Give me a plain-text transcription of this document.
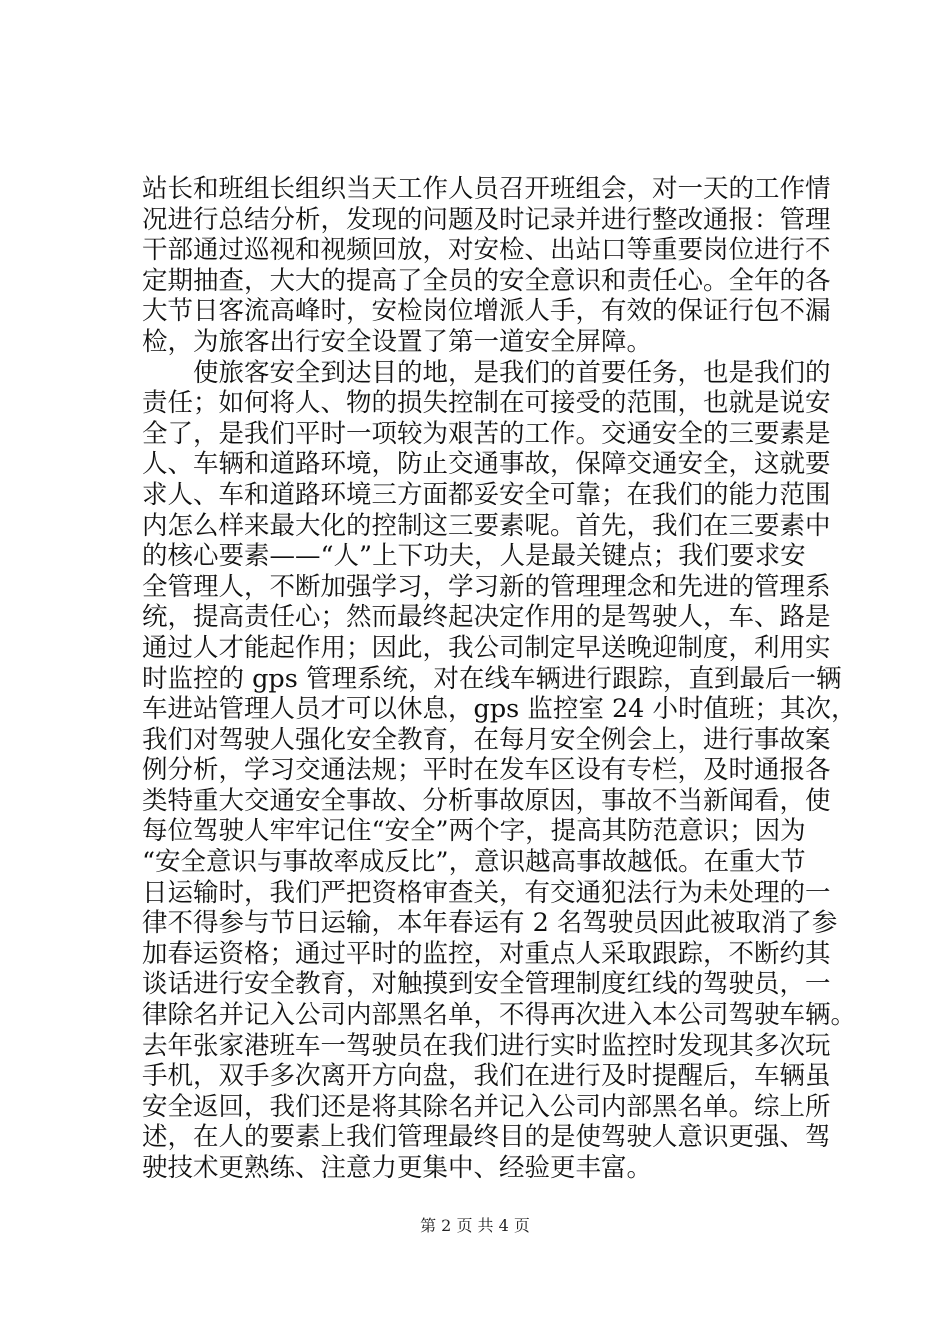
站长和班组长组织当天工作人员召开班组会，对一天的工作情
况进行总结分析，发现的问题及时记录并进行整改通报：管理
干部通过巡视和视频回放，对安检、出站口等重要岗位进行不
定期抽查，大大的提高了全员的安全意识和责任心。全年的各
大节日客流高峰时，安检岗位增派人手，有效的保证行包不漏
检，为旅客出行安全设置了第一道安全屏障。
　　使旅客安全到达目的地，是我们的首要任务，也是我们的
责任；如何将人、物的损失控制在可接受的范围，也就是说安
全了，是我们平时一项较为艰苦的工作。交通安全的三要素是
人、车辆和道路环境，防止交通事故，保障交通安全，这就要
求人、车和道路环境三方面都妥安全可靠；在我们的能力范围
内怎么样来最大化的控制这三要素呢。首先，我们在三要素中
的核心要素——“人”上下功夫，人是最关键点；我们要求安
全管理人，不断加强学习，学习新的管理理念和先进的管理系
统，提高责任心；然而最终起决定作用的是驾驶人，车、路是
通过人才能起作用；因此，我公司制定早送晚迎制度，利用实
时监控的 gps 管理系统，对在线车辆进行跟踪，直到最后一辆
车进站管理人员才可以休息，gps 监控室 24 小时值班；其次，
我们对驾驶人强化安全教育，在每月安全例会上，进行事故案
例分析，学习交通法规；平时在发车区设有专栏，及时通报各
类特重大交通安全事故、分析事故原因，事故不当新闻看，使
每位驾驶人牢牢记住“安全”两个字，提高其防范意识；因为
“安全意识与事故率成反比”，意识越高事故越低。在重大节
日运输时，我们严把资格审查关，有交通犯法行为未处理的一
律不得参与节日运输，本年春运有 2 名驾驶员因此被取消了参
加春运资格；通过平时的监控，对重点人采取跟踪，不断约其
谈话进行安全教育，对触摸到安全管理制度红线的驾驶员，一
律除名并记入公司内部黑名单，不得再次进入本公司驾驶车辆。
去年张家港班车一驾驶员在我们进行实时监控时发现其多次玩
手机，双手多次离开方向盘，我们在进行及时提醒后，车辆虽
安全返回，我们还是将其除名并记入公司内部黑名单。综上所
述，在人的要素上我们管理最终目的是使驾驶人意识更强、驾
驶技术更熟练、注意力更集中、经验更丰富。
第 2 页 共 4 页
